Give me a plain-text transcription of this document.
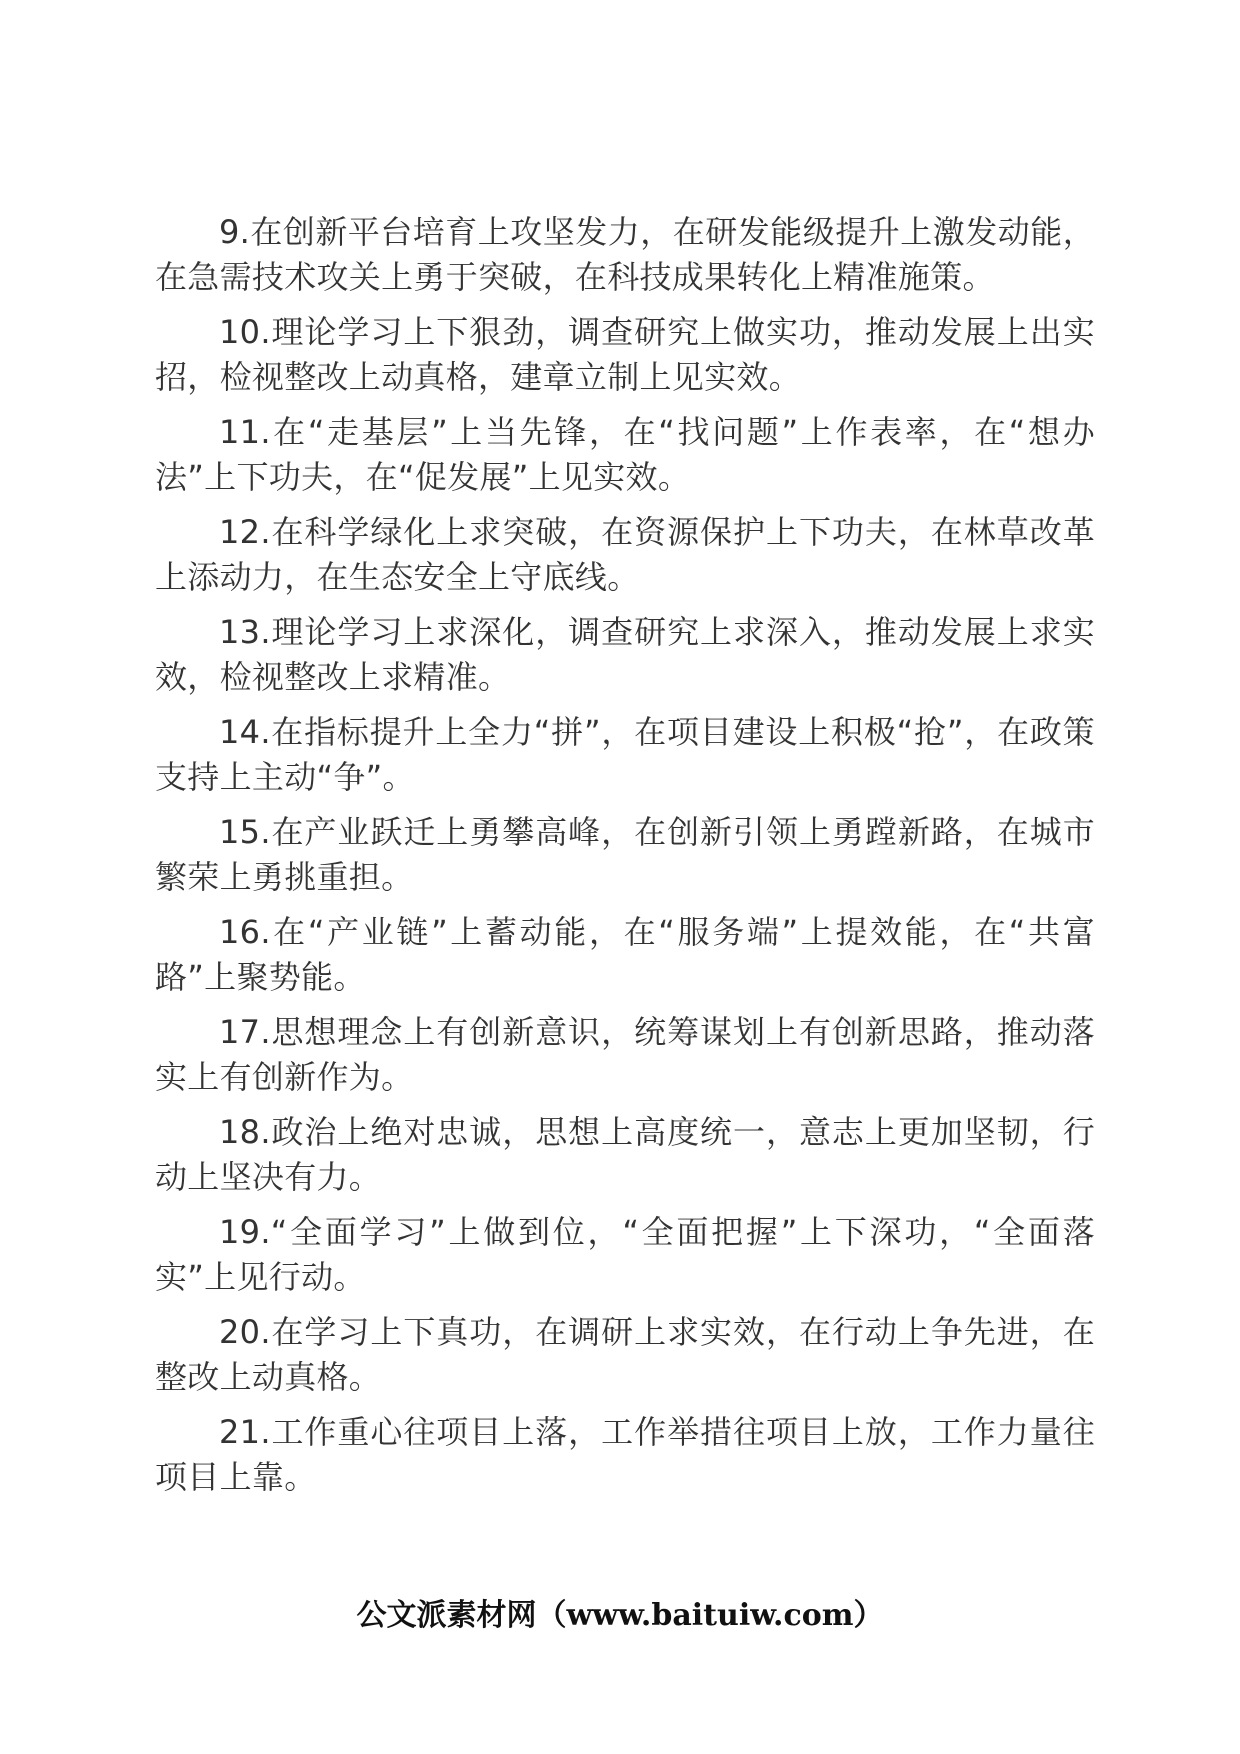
9.在创新平台培育上攻坚发力，在研发能级提升上激发动能，在急需技术攻关上勇于突破，在科技成果转化上精准施策。

10.理论学习上下狠劲，调查研究上做实功，推动发展上出实招，检视整改上动真格，建章立制上见实效。

11.在“走基层”上当先锋，在“找问题”上作表率，在“想办法”上下功夫，在“促发展”上见实效。

12.在科学绿化上求突破，在资源保护上下功夫，在林草改革上添动力，在生态安全上守底线。

13.理论学习上求深化，调查研究上求深入，推动发展上求实效，检视整改上求精准。

14.在指标提升上全力“拼”，在项目建设上积极“抢”，在政策支持上主动“争”。

15.在产业跃迁上勇攀高峰，在创新引领上勇蹚新路，在城市繁荣上勇挑重担。

16.在“产业链”上蓄动能，在“服务端”上提效能，在“共富路”上聚势能。

17.思想理念上有创新意识，统筹谋划上有创新思路，推动落实上有创新作为。

18.政治上绝对忠诚，思想上高度统一，意志上更加坚韧，行动上坚决有力。

19.“全面学习”上做到位，“全面把握”上下深功，“全面落实”上见行动。

20.在学习上下真功，在调研上求实效，在行动上争先进，在整改上动真格。

21.工作重心往项目上落，工作举措往项目上放，工作力量往项目上靠。

公文派素材网（www.baituiw.com）
